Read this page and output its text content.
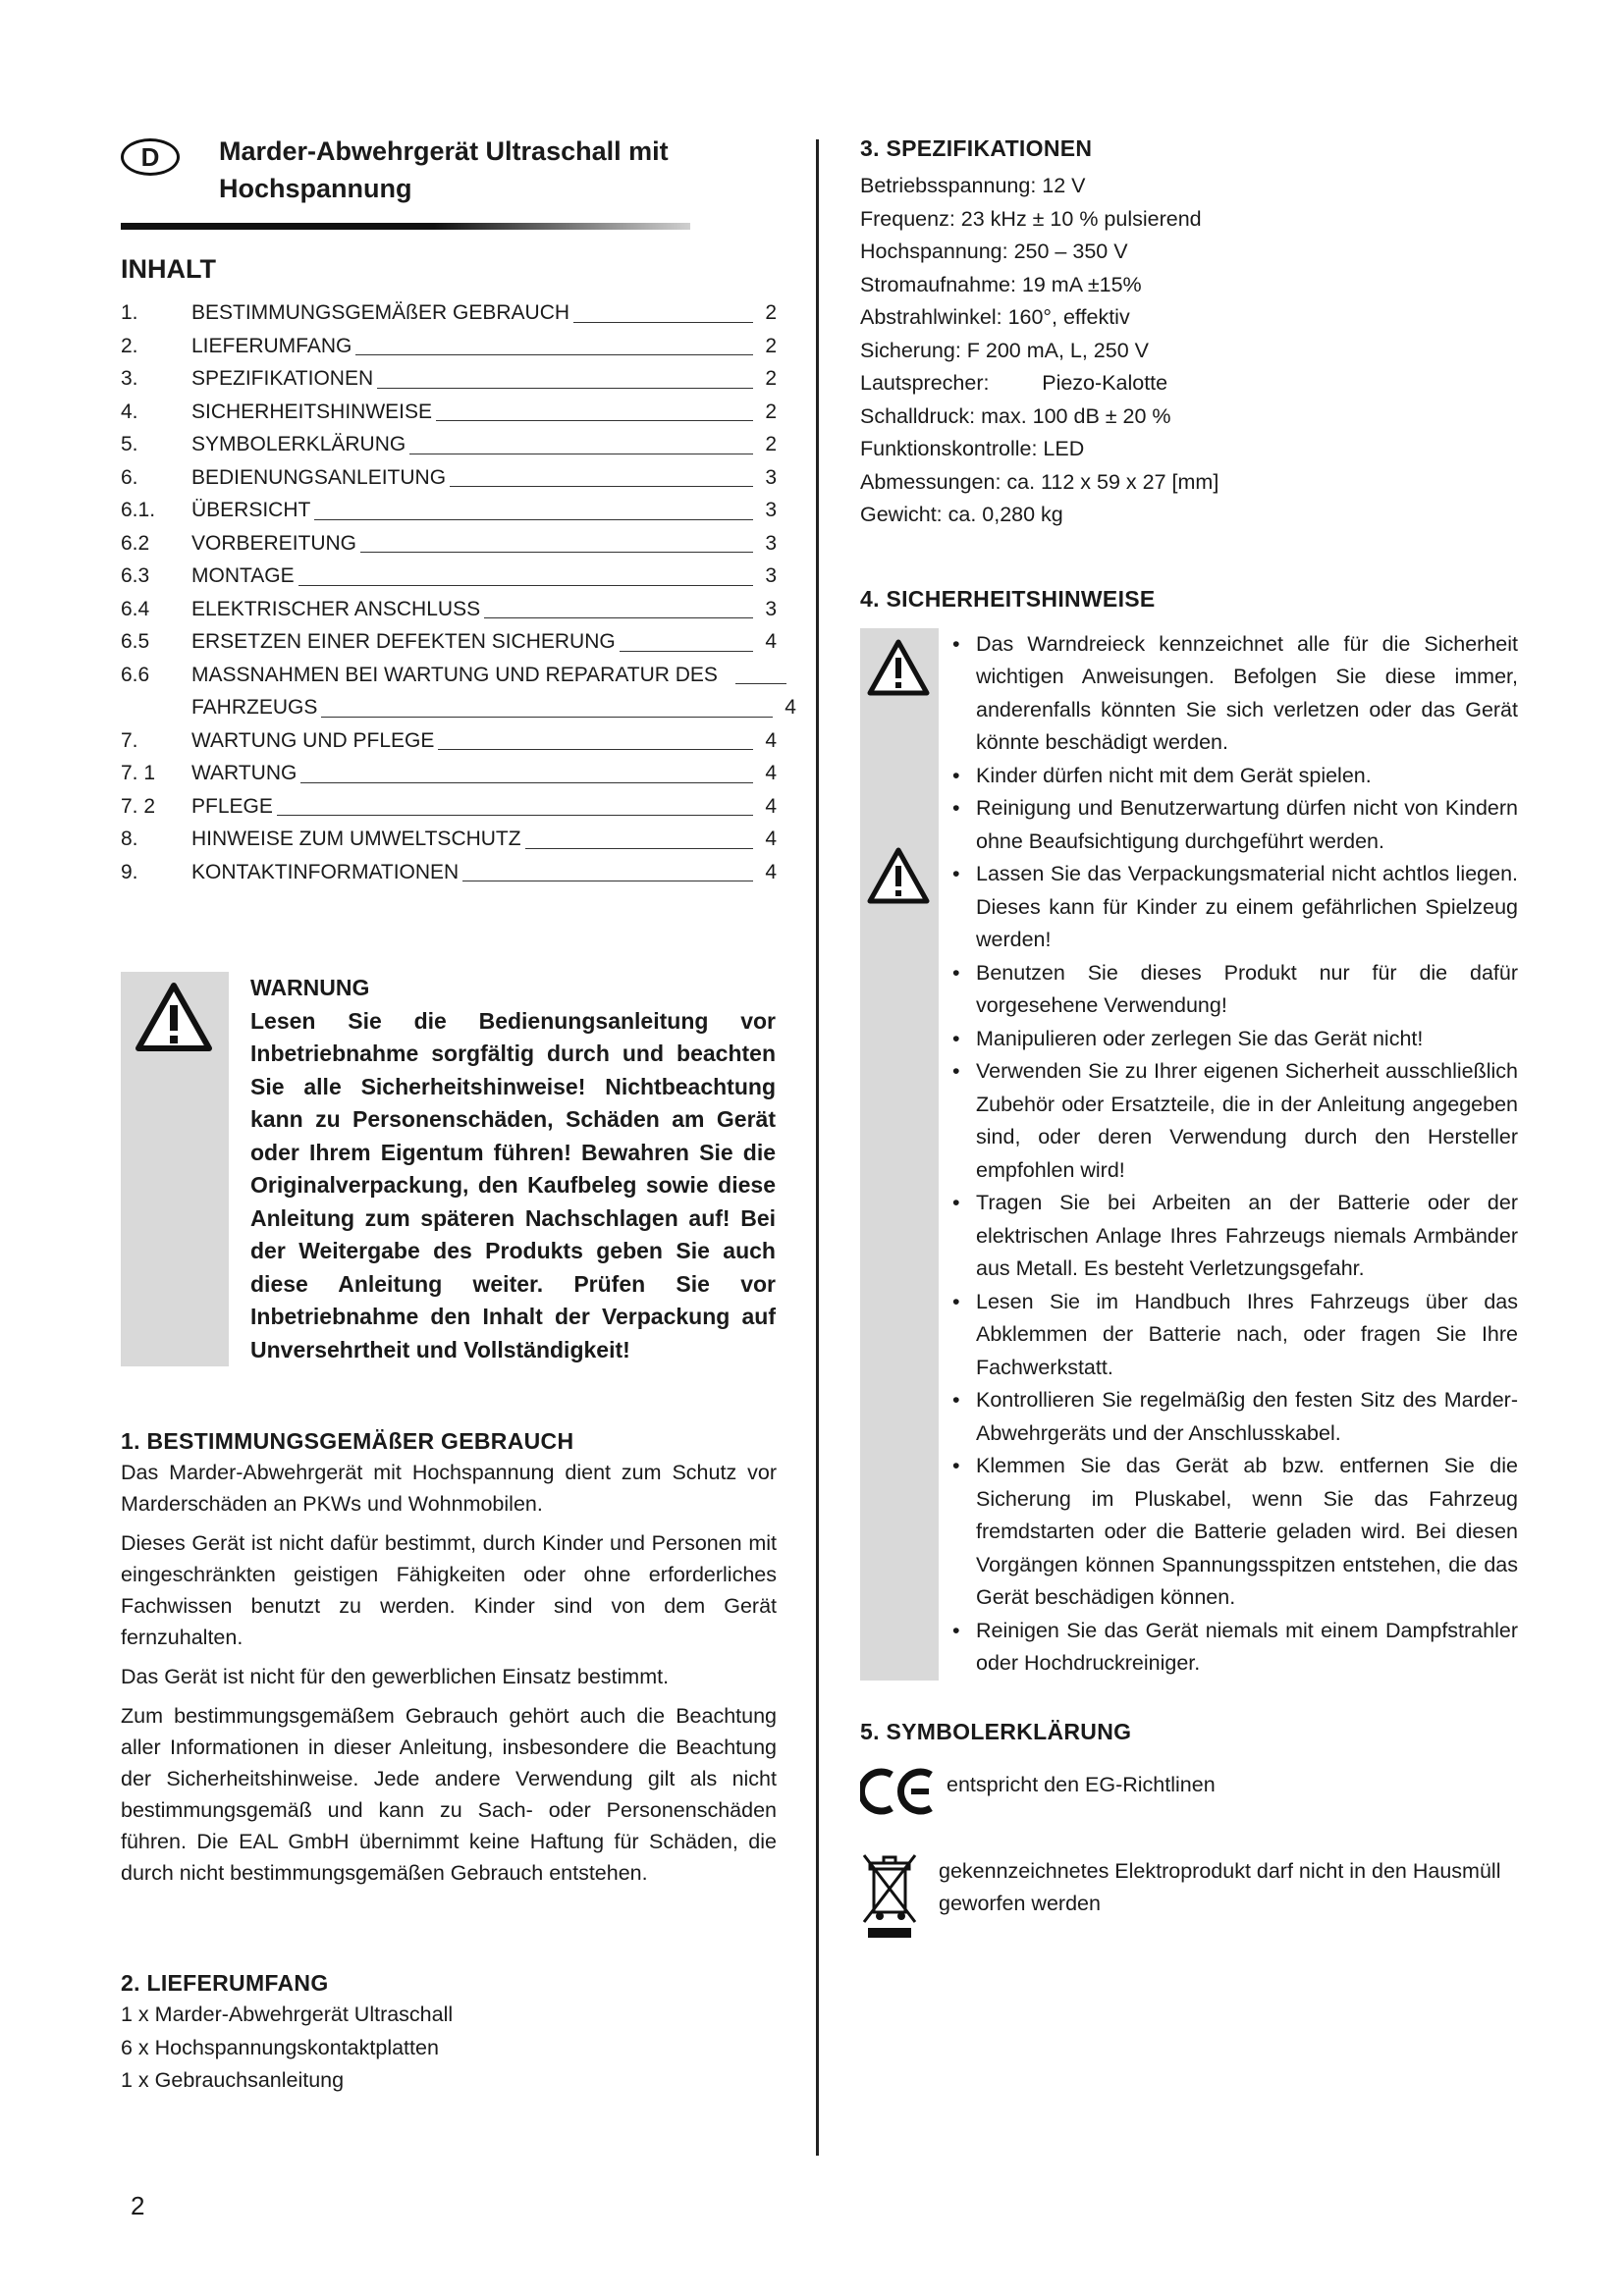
D	Marder-Abwehrgerät Ultraschall mit Hochspannung
INHALT
1.	BESTIMMUNGSGEMÄßER GEBRAUCH	2
2.	LIEFERUMFANG	2
3.	SPEZIFIKATIONEN	2
4.	SICHERHEITSHINWEISE	2
5.	SYMBOLERKLÄRUNG	2
6.	BEDIENUNGSANLEITUNG	3
6.1.	ÜBERSICHT	3
6.2	VORBEREITUNG	3
6.3	MONTAGE	3
6.4	ELEKTRISCHER ANSCHLUSS	3
6.5	ERSETZEN EINER DEFEKTEN SICHERUNG	4
6.6	MASSNAHMEN BEI WARTUNG UND REPARATUR DES
FAHRZEUGS	4
7.	WARTUNG UND PFLEGE	4
7. 1	WARTUNG	4
7. 2	PFLEGE	4
8.	HINWEISE ZUM UMWELTSCHUTZ	4
9.	KONTAKTINFORMATIONEN	4
WARNUNG
Lesen Sie die Bedienungsanleitung vor Inbetriebnahme sorgfältig durch und beachten Sie alle Sicherheitshinweise! Nichtbeachtung kann zu Personenschäden, Schäden am Gerät oder Ihrem Eigentum führen! Bewahren Sie die Originalverpackung, den Kaufbeleg sowie diese Anleitung zum späteren Nachschlagen auf! Bei der Weitergabe des Produkts geben Sie auch diese Anleitung weiter. Prüfen Sie vor Inbetriebnahme den Inhalt der Verpackung auf Unversehrtheit und Vollständigkeit!
1. BESTIMMUNGSGEMÄßER GEBRAUCH

Das Marder-Abwehrgerät mit Hochspannung dient zum Schutz vor Marderschäden an PKWs und Wohnmobilen.

Dieses Gerät ist nicht dafür bestimmt, durch Kinder und Personen mit eingeschränkten geistigen Fähigkeiten oder ohne erforderliches Fachwissen benutzt zu werden. Kinder sind von dem Gerät fernzuhalten.

Das Gerät ist nicht für den gewerblichen Einsatz bestimmt.

Zum bestimmungsgemäßem Gebrauch gehört auch die Beachtung aller Informationen in dieser Anleitung, insbesondere die Beachtung der Sicherheitshinweise. Jede andere Verwendung gilt als nicht bestimmungsgemäß und kann zu Sach- oder Personenschäden führen. Die EAL GmbH übernimmt keine Haftung für Schäden, die durch nicht bestimmungsgemäßen Gebrauch entstehen.

2. LIEFERUMFANG

1 x Marder-Abwehrgerät Ultraschall

6 x Hochspannungskontaktplatten

1 x Gebrauchsanleitung

3. SPEZIFIKATIONEN
Betriebsspannung: 12 V
Frequenz: 23 kHz ± 10 % pulsierend
Hochspannung: 250 – 350 V
Stromaufnahme: 19 mA ±15%
Abstrahlwinkel: 160°, effektiv
Sicherung: F 200 mA, L, 250 V
Lautsprecher:         Piezo-Kalotte
Schalldruck: max. 100 dB ± 20 %
Funktionskontrolle: LED
Abmessungen: ca. 112 x 59 x 27 [mm]
Gewicht: ca. 0,280 kg
4. SICHERHEITSHINWEISE
• Das Warndreieck kennzeichnet alle für die Sicherheit wichtigen Anweisungen. Befolgen Sie diese immer, anderenfalls könnten Sie sich verletzen oder das Gerät könnte beschädigt werden.
• Kinder dürfen nicht mit dem Gerät spielen.
• Reinigung und Benutzerwartung dürfen nicht von Kindern ohne Beaufsichtigung durchgeführt werden.
• Lassen Sie das Verpackungsmaterial nicht achtlos liegen. Dieses kann für Kinder zu einem gefährlichen Spielzeug werden!
• Benutzen Sie dieses Produkt nur für die dafür vorgesehene Verwendung!
• Manipulieren oder zerlegen Sie das Gerät nicht!
• Verwenden Sie zu Ihrer eigenen Sicherheit ausschließlich Zubehör oder Ersatzteile, die in der Anleitung angegeben sind, oder deren Verwendung durch den Hersteller empfohlen wird!
• Tragen Sie bei Arbeiten an der Batterie oder der elektrischen Anlage Ihres Fahrzeugs niemals Armbänder aus Metall. Es besteht Verletzungsgefahr.
• Lesen Sie im Handbuch Ihres Fahrzeugs über das Abklemmen der Batterie nach, oder fragen Sie Ihre Fachwerkstatt.
• Kontrollieren Sie regelmäßig den festen Sitz des Marder-Abwehrgeräts und der Anschlusskabel.
• Klemmen Sie das Gerät ab bzw. entfernen Sie die Sicherung im Pluskabel, wenn Sie das Fahrzeug fremdstarten oder die Batterie geladen wird. Bei diesen Vorgängen können Spannungsspitzen entstehen, die das Gerät beschädigen können.
• Reinigen Sie das Gerät niemals mit einem Dampfstrahler oder Hochdruckreiniger.
5. SYMBOLERKLÄRUNG
entspricht den EG-Richtlinen
gekennzeichnetes Elektroprodukt darf nicht in den Hausmüll geworfen werden
2
